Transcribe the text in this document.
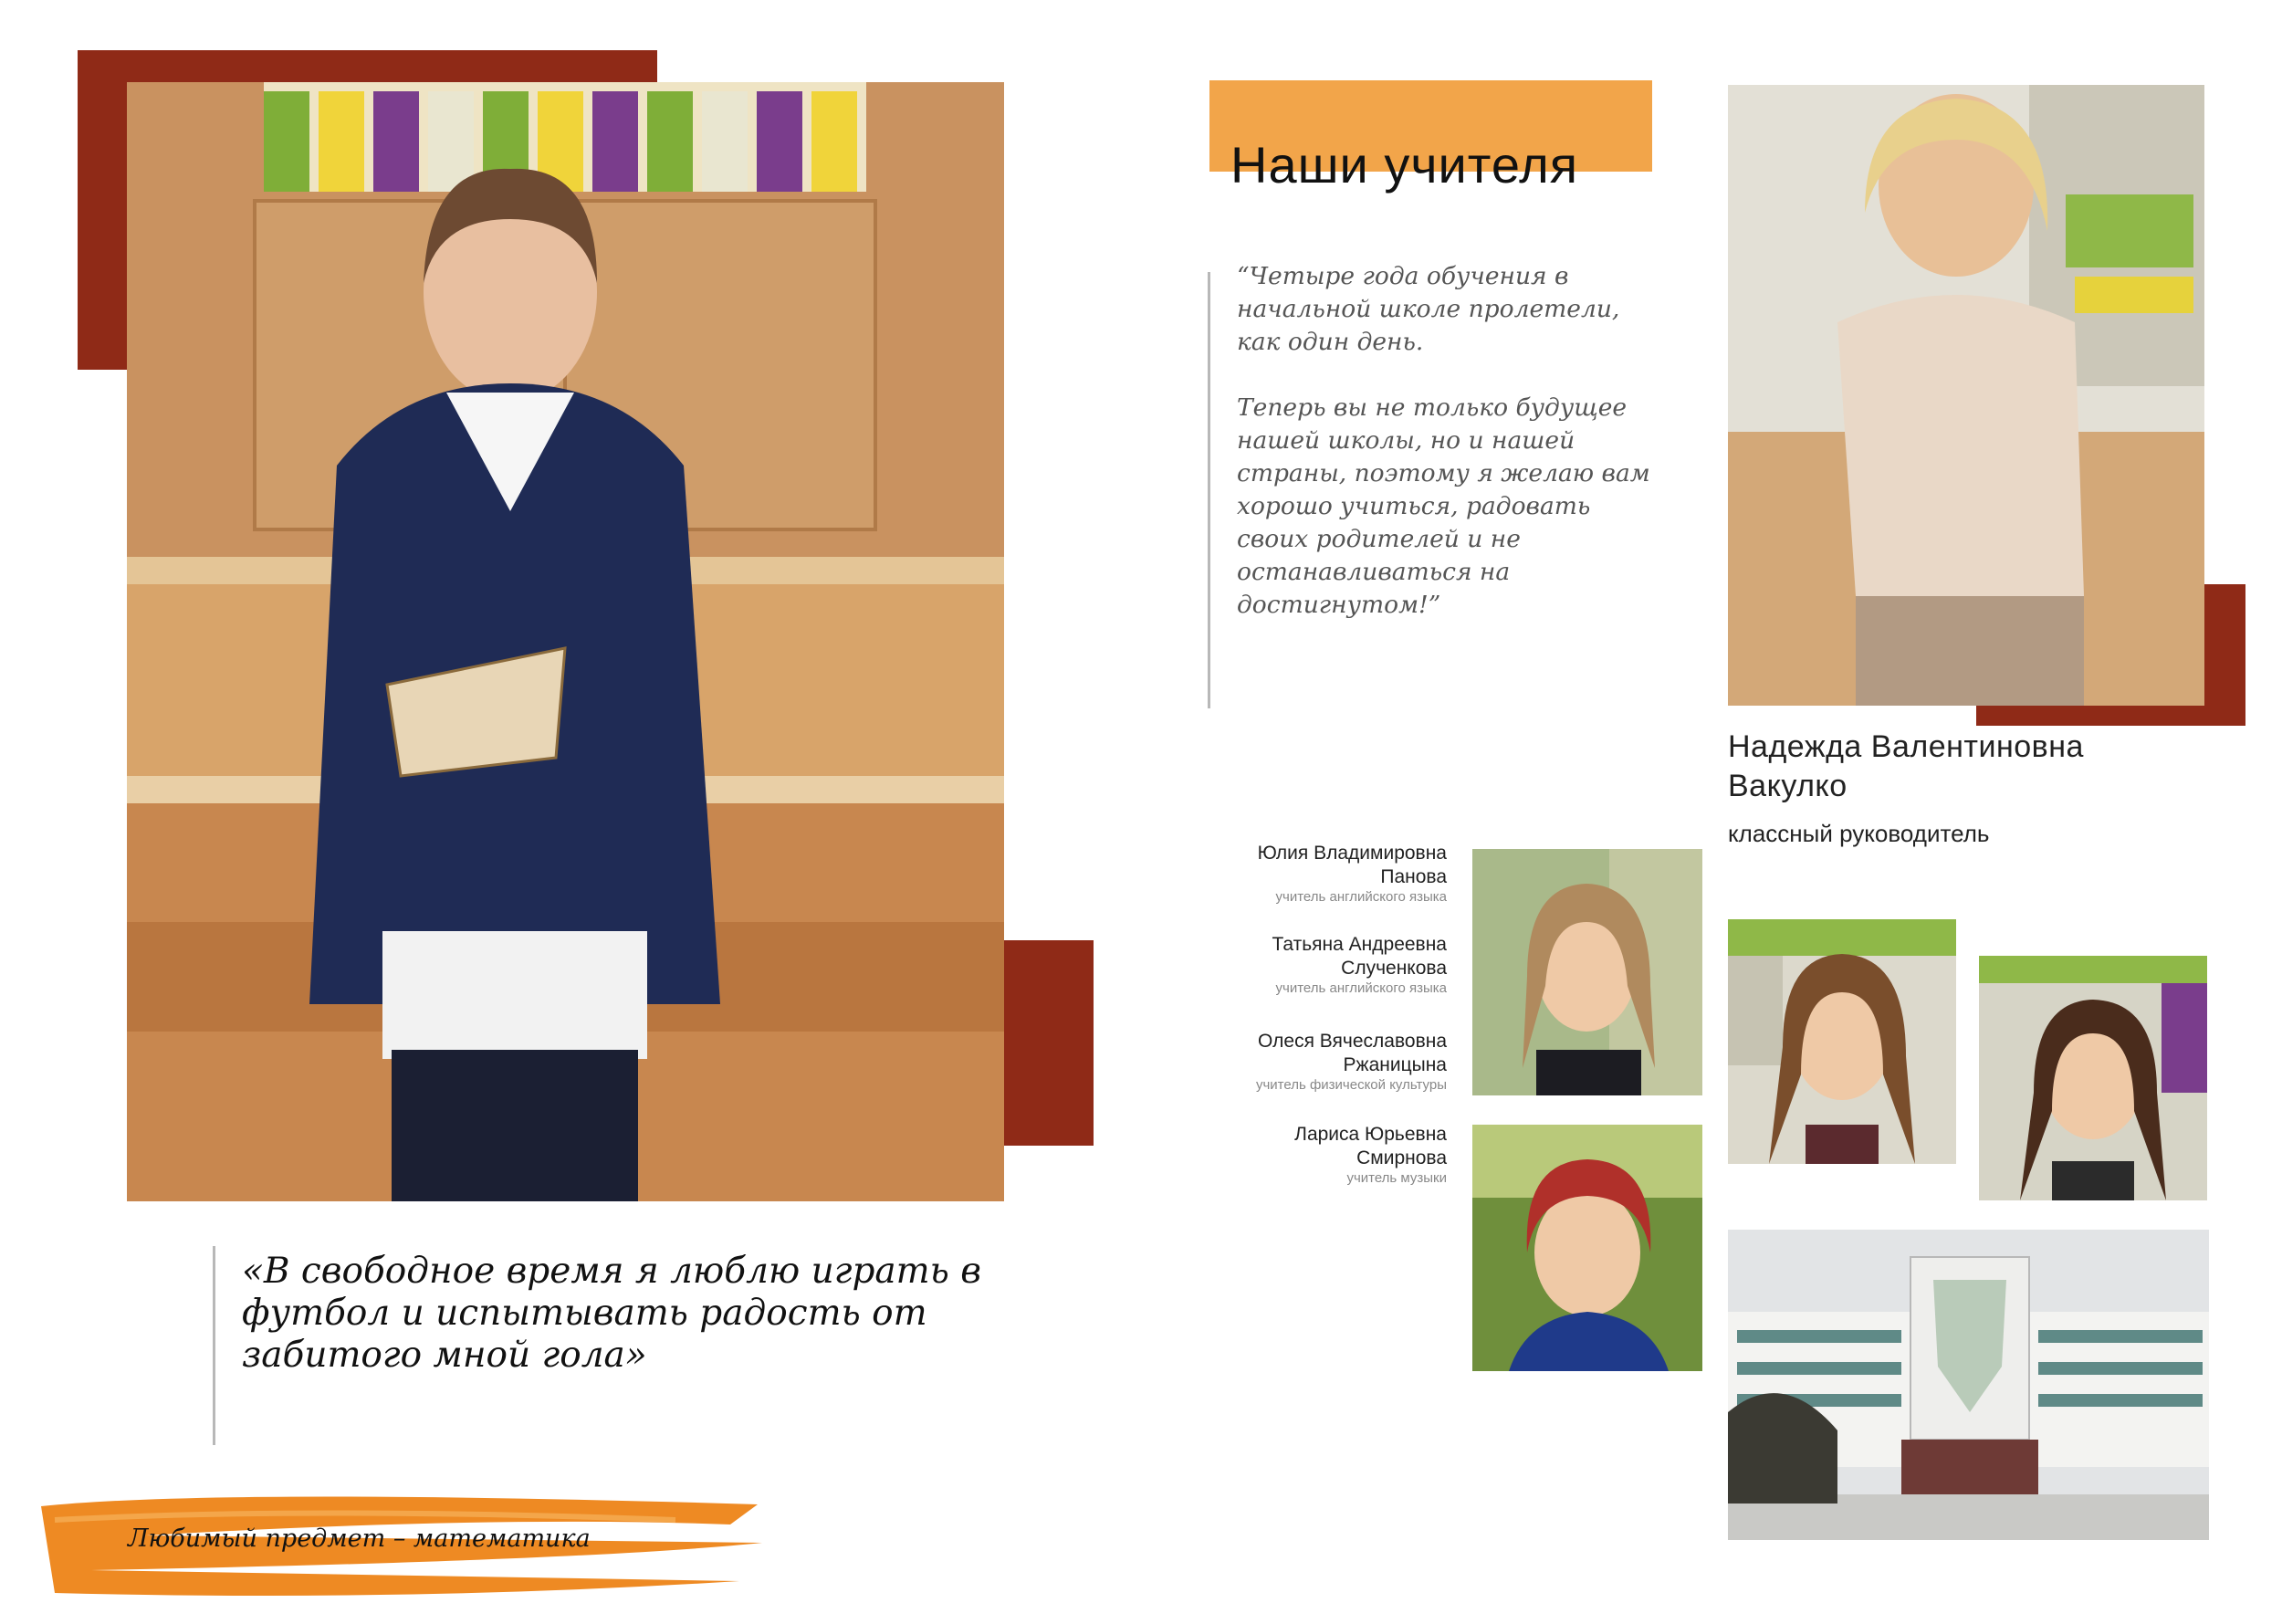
«В свободное время я люблю играть в футбол и испытывать радость от забитого мной гола»
Любимый предмет – математика
Наши учителя
“Четыре года обучения в
начальной школе пролетели,
как один день.

Теперь вы не только будущее
нашей школы, но и нашей
страны, поэтому я желаю вам
хорошо учиться, радовать
своих родителей и не
останавливаться на
достигнутом!”
Надежда Валентиновна
Вакулко
классный руководитель
Юлия Владимировна
Панова
учитель английского языка
Татьяна Андреевна
Слученкова
учитель английского языка
Олеся Вячеславовна
Ржаницына
учитель физической культуры
Лариса Юрьевна
Смирнова
учитель музыки
